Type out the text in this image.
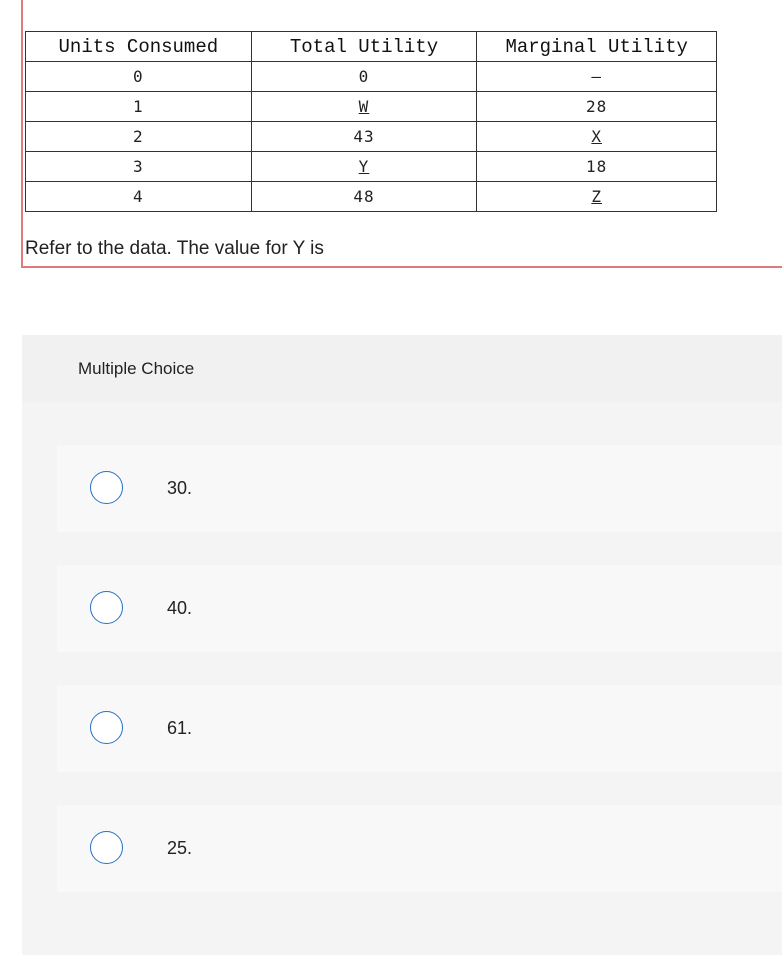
Units Consumed	Total Utility	Marginal Utility
0	0	–
1	W	28
2	43	X
3	Y	18
4	48	Z
Refer to the data. The value for Y is
Multiple Choice
30.
40.
61.
25.
